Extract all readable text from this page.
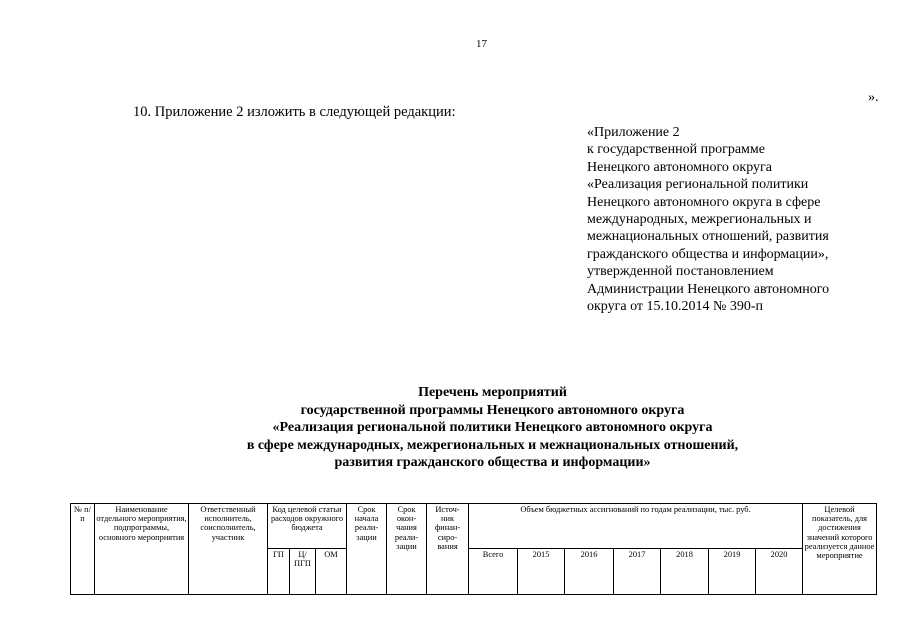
17
».
10. Приложение 2 изложить в следующей редакции:
«Приложение 2
к государственной программе
Ненецкого автономного округа
«Реализация региональной политики
Ненецкого автономного округа в сфере
международных, межрегиональных и
межнациональных отношений, развития
гражданского общества и информации»,
утвержденной постановлением
Администрации Ненецкого автономного
округа от 15.10.2014 № 390-п
Перечень мероприятий
государственной программы Ненецкого автономного округа
«Реализация региональной политики Ненецкого автономного округа
в сфере международных, межрегиональных и межнациональных отношений,
развития гражданского общества и информации»
№ п/п	Наименование отдельного мероприятия, подпрограммы, основного мероприятия	Ответственный исполнитель, соисполнитель, участник	Код целевой статьи расходов окружного бюджета			Срок начала реали- зации	Срок окон- чания реали- зации	Источ- ник финан- сиро- вания	Объем бюджетных ассигнований по годам реализации, тыс. руб.							Целевой показатель, для достижения значений которого реализуется данное мероприятие
			ГП	Ц/ ПГП	ОМ				Всего	2015	2016	2017	2018	2019	2020	
